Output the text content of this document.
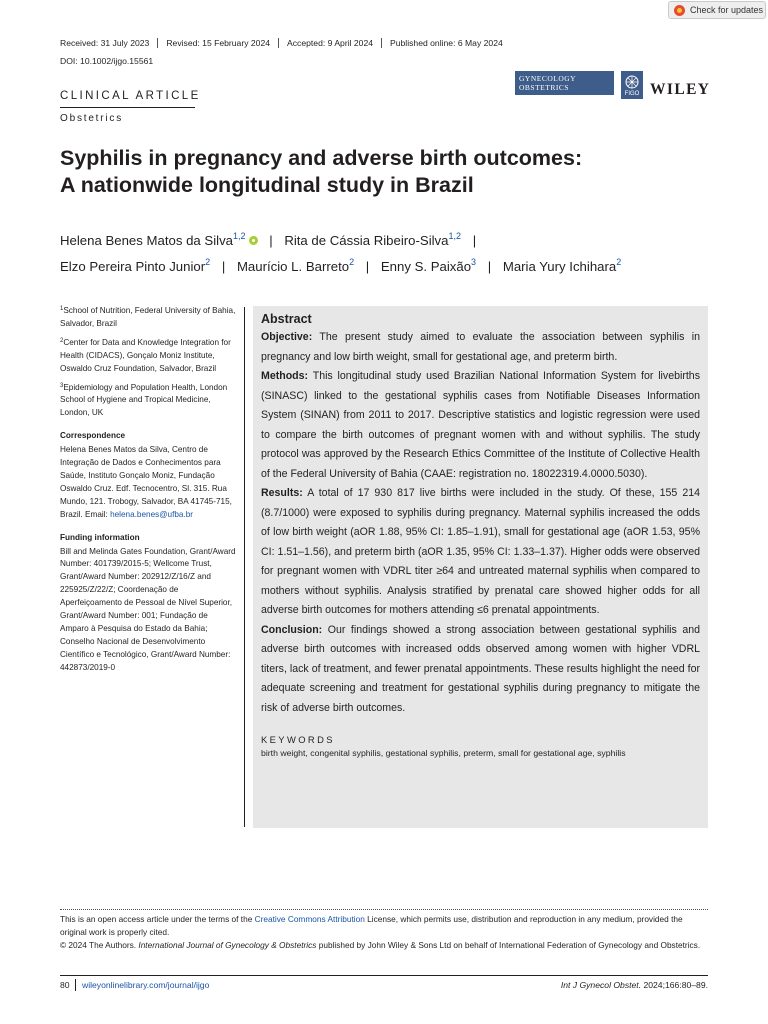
Check for updates
Received: 31 July 2023	Revised: 15 February 2024	Accepted: 9 April 2024	Published online: 6 May 2024
DOI: 10.1002/ijgo.15561
CLINICAL ARTICLE
Obstetrics
GYNECOLOGY
OBSTETRICS
FIGO WILEY
Syphilis in pregnancy and adverse birth outcomes:
A nationwide longitudinal study in Brazil
Helena Benes Matos da Silva$^{1,2}$ | Rita de Cássia Ribeiro-Silva$^{1,2}$ |
Elzo Pereira Pinto Junior$^2$ | Maurício L. Barreto$^2$ | Enny S. Paixão$^3$ | Maria Yury Ichihara$^2$

$^1$School of Nutrition, Federal University of Bahia, Salvador, Brazil

$^2$Center for Data and Knowledge Integration for Health (CIDACS), Gonçalo Moniz Institute, Oswaldo Cruz Foundation, Salvador, Brazil

$^3$Epidemiology and Population Health, London School of Hygiene and Tropical Medicine, London, UK

Correspondence

Helena Benes Matos da Silva, Centro de Integração de Dados e Conhecimentos para Saúde, Instituto Gonçalo Moniz, Fundação Oswaldo Cruz. Edf. Tecnocentro, Sl. 315. Rua Mundo, 121. Trobogy, Salvador, BA 41745-715, Brazil. Email: helena.benes@ufba.br

Funding information

Bill and Melinda Gates Foundation, Grant/Award Number: 401739/2015-5; Wellcome Trust, Grant/Award Number: 202912/Z/16/Z and 225925/Z/22/Z; Coordenação de Aperfeiçoamento de Pessoal de Nível Superior, Grant/Award Number: 001; Fundação de Amparo à Pesquisa do Estado da Bahia; Conselho Nacional de Desenvolvimento Científico e Tecnológico, Grant/Award Number: 442873/2019-0

Abstract

Objective: The present study aimed to evaluate the association between syphilis in pregnancy and low birth weight, small for gestational age, and preterm birth.

Methods: This longitudinal study used Brazilian National Information System for livebirths (SINASC) linked to the gestational syphilis cases from Notifiable Diseases Information System (SINAN) from 2011 to 2017. Descriptive statistics and logistic regression were used to compare the birth outcomes of pregnant women with and without syphilis. The study protocol was approved by the Research Ethics Committee of the Institute of Collective Health of the Federal University of Bahia (CAAE: registration no. 18022319.4.0000.5030).

Results: A total of 17 930 817 live births were included in the study. Of these, 155 214 (8.7/1000) were exposed to syphilis during pregnancy. Maternal syphilis increased the odds of low birth weight (aOR 1.88, 95% CI: 1.85–1.91), small for gestational age (aOR 1.53, 95% CI: 1.51–1.56), and preterm birth (aOR 1.35, 95% CI: 1.33–1.37). Higher odds were observed for pregnant women with VDRL titer ≥64 and untreated maternal syphilis when compared to mothers without syphilis. Analysis stratified by prenatal care showed higher odds for all adverse birth outcomes for mothers attending ≤6 prenatal appointments.

Conclusion: Our findings showed a strong association between gestational syphilis and adverse birth outcomes with increased odds observed among women with higher VDRL titers, lack of treatment, and fewer prenatal appointments. These results highlight the need for adequate screening and treatment for gestational syphilis during pregnancy to mitigate the risk of adverse birth outcomes.

KEYWORDS
birth weight, congenital syphilis, gestational syphilis, preterm, small for gestational age, syphilis

This is an open access article under the terms of the Creative Commons Attribution License, which permits use, distribution and reproduction in any medium, provided the original work is properly cited.

© 2024 The Authors. International Journal of Gynecology & Obstetrics published by John Wiley & Sons Ltd on behalf of International Federation of Gynecology and Obstetrics.

80 wileyonlinelibrary.com/journal/ijgo	Int J Gynecol Obstet. 2024;166:80–89.
